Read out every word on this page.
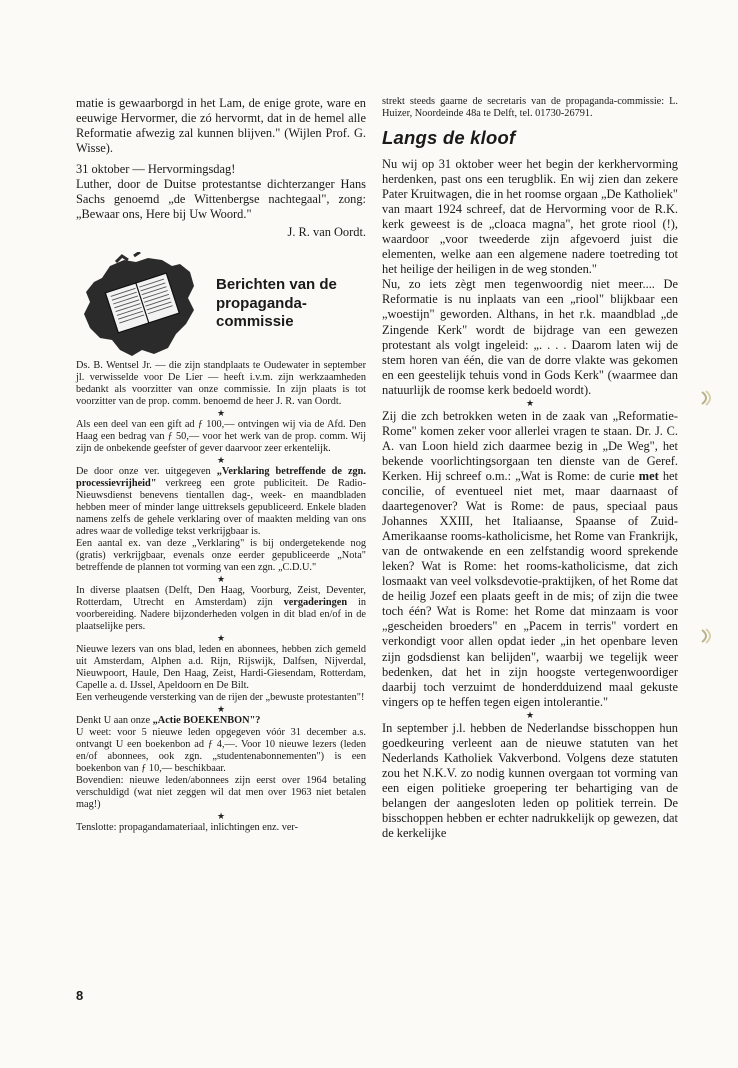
matie is gewaarborgd in het Lam, de enige grote, ware en eeuwige Hervormer, die zó hervormt, dat in de hemel alle Reformatie afwezig zal kunnen blijven." (Wijlen Prof. G. Wisse).

31 oktober — Hervormingsdag!

Luther, door de Duitse protestantse dichterzanger Hans Sachs genoemd „de Wittenbergse nachtegaal", zong: „Bewaar ons, Here bij Uw Woord."

J. R. van Oordt.

Berichten van de propaganda-commissie

Ds. B. Wentsel Jr. — die zijn standplaats te Oudewater in september jl. verwisselde voor De Lier — heeft i.v.m. zijn werkzaamheden bedankt als voorzitter van onze commissie. In zijn plaats is tot voorzitter van de prop. comm. benoemd de heer J. R. van Oordt.

★

Als een deel van een gift ad ƒ 100,— ontvingen wij via de Afd. Den Haag een bedrag van ƒ 50,— voor het werk van de prop. comm. Wij zijn de onbekende geefster of gever daarvoor zeer erkentelijk.

★

De door onze ver. uitgegeven „Verklaring betreffende de zgn. processievrijheid" verkreeg een grote publiciteit. De Radio-Nieuwsdienst benevens tientallen dag-, week- en maandbladen hebben meer of minder lange uittreksels gepubliceerd. Enkele bladen namens zelfs de gehele verklaring over of maakten melding van ons adres waar de volledige tekst verkrijgbaar is.

Een aantal ex. van deze „Verklaring" is bij ondergetekende nog (gratis) verkrijgbaar, evenals onze eerder gepubliceerde „Nota" betreffende de plannen tot vorming van een zgn. „C.D.U."

★

In diverse plaatsen (Delft, Den Haag, Voorburg, Zeist, Deventer, Rotterdam, Utrecht en Amsterdam) zijn vergaderingen in voorbereiding. Nadere bijzonderheden volgen in dit blad en/of in de plaatselijke pers.

★

Nieuwe lezers van ons blad, leden en abonnees, hebben zich gemeld uit Amsterdam, Alphen a.d. Rijn, Rijswijk, Dalfsen, Nijverdal, Nieuwpoort, Haule, Den Haag, Zeist, Hardi-Giesendam, Rotterdam, Capelle a. d. IJssel, Apeldoorn en De Bilt.

Een verheugende versterking van de rijen der „bewuste protestanten"!

★

Denkt U aan onze „Actie BOEKENBON"?
U weet: voor 5 nieuwe leden opgegeven vóór 31 december a.s. ontvangt U een boekenbon ad ƒ 4,—. Voor 10 nieuwe lezers (leden en/of abonnees, ook zgn. „studentenabonnementen") is een boekenbon van ƒ 10,— beschikbaar.

Bovendien: nieuwe leden/abonnees zijn eerst over 1964 betaling verschuldigd (wat niet zeggen wil dat men over 1963 niet betalen mag!)

★

Tenslotte: propagandamateriaal, inlichtingen enz. ver-

strekt steeds gaarne de secretaris van de propaganda-commissie: L. Huizer, Noordeinde 48a te Delft, tel. 01730-26791.

Langs de kloof

Nu wij op 31 oktober weer het begin der kerkhervorming herdenken, past ons een terugblik. En wij zien dan zekere Pater Kruitwagen, die in het roomse orgaan „De Katholiek" van maart 1924 schreef, dat de Hervorming voor de R.K. kerk geweest is de „cloaca magna", het grote riool (!), waardoor „voor tweederde zijn afgevoerd juist die elementen, welke aan een algemene nadere toetreding tot het heilige der heiligen in de weg stonden."

Nu, zo iets zègt men tegenwoordig niet meer.... De Reformatie is nu inplaats van een „riool" blijkbaar een „woestijn" geworden. Althans, in het r.k. maandblad „de Zingende Kerk" wordt de bijdrage van een gewezen protestant als volgt ingeleid: „. . . . Daarom laten wij de stem horen van één, die van de dorre vlakte was gekomen en een geestelijk tehuis vond in Gods Kerk" (waarmee dan natuurlijk de roomse kerk bedoeld wordt).

★

Zij die zch betrokken weten in de zaak van „Reformatie-Rome" komen zeker voor allerlei vragen te staan. Dr. J. C. A. van Loon hield zich daarmee bezig in „De Weg", het bekende voorlichtingsorgaan ten dienste van de Geref. Kerken. Hij schreef o.m.: „Wat is Rome: de curie met het concilie, of eventueel niet met, maar daarnaast of daartegenover? Wat is Rome: de paus, speciaal paus Johannes XXIII, het Italiaanse, Spaanse of Zuid-Amerikaanse rooms-katholicisme, het Rome van Frankrijk, van de ontwakende en een zelfstandig woord sprekende leken? Wat is Rome: het rooms-katholicisme, dat zich losmaakt van veel volksdevotie-praktijken, of het Rome dat de heilig Jozef een plaats geeft in de mis; of zijn die twee toch één? Wat is Rome: het Rome dat minzaam is voor „gescheiden broeders" en „Pacem in terris" vordert en verkondigt voor allen opdat ieder „in het openbare leven zijn godsdienst kan belijden", waarbij we tegelijk weer bedenken, dat het in zijn hoogste vertegenwoordiger daarbij toch verzuimt de honderdduizend maal gekuste vingers op te heffen tegen eigen intolerantie."

★

In september j.l. hebben de Nederlandse bisschoppen hun goedkeuring verleent aan de nieuwe statuten van het Nederlands Katholiek Vakverbond. Volgens deze statuten zou het N.K.V. zo nodig kunnen overgaan tot vorming van een eigen politieke groepering ter behartiging van de belangen der aangesloten leden op politiek terrein. De bisschoppen hebben er echter nadrukkelijk op gewezen, dat de kerkelijke

8
